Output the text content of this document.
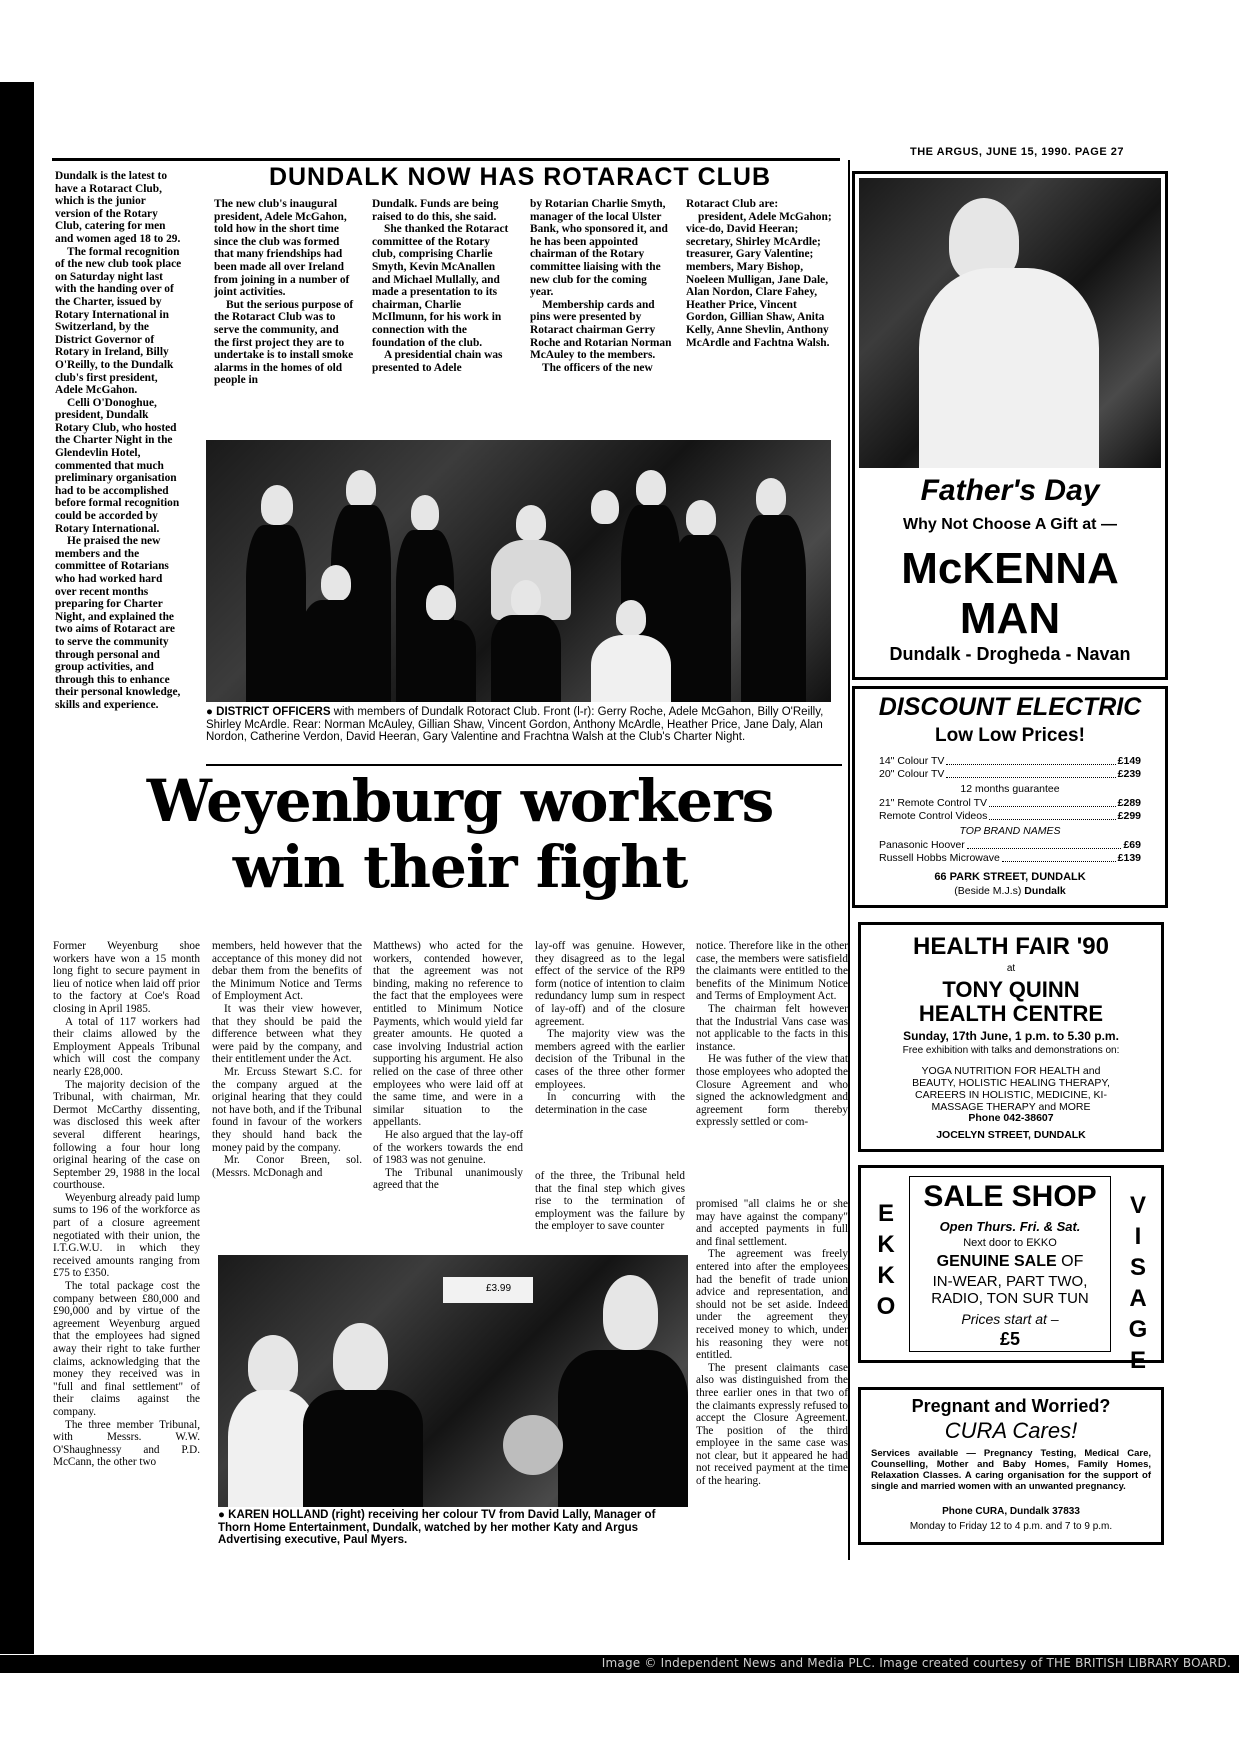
Image © Independent News and Media PLC. Image created courtesy of THE BRITISH LIBRARY BOARD.
THE ARGUS, JUNE 15, 1990. PAGE 27
DUNDALK NOW HAS ROTARACT CLUB

Dundalk is the latest to have a Rotaract Club, which is the junior version of the Rotary Club, catering for men and women aged 18 to 29.

The formal recognition of the new club took place on Saturday night last with the handing over of the Charter, issued by Rotary International in Switzerland, by the District Governor of Rotary in Ireland, Billy O'Reilly, to the Dundalk club's first president, Adele McGahon.

Celli O'Donoghue, president, Dundalk Rotary Club, who hosted the Charter Night in the Glendevlin Hotel, commented that much preliminary organisation had to be accomplished before formal recognition could be accorded by Rotary International.

He praised the new members and the committee of Rotarians who had worked hard over recent months preparing for Charter Night, and explained the two aims of Rotaract are to serve the community through personal and group activities, and through this to enhance their personal knowledge, skills and experience.

The new club's inaugural president, Adele McGahon, told how in the short time since the club was formed that many friendships had been made all over Ireland from joining in a number of joint activities.

But the serious purpose of the Rotaract Club was to serve the community, and the first project they are to undertake is to install smoke alarms in the homes of old people in

Dundalk. Funds are being raised to do this, she said.

She thanked the Rotaract committee of the Rotary club, comprising Charlie Smyth, Kevin McAnallen and Michael Mullally, and made a presentation to its chairman, Charlie McIlmunn, for his work in connection with the foundation of the club.

A presidential chain was presented to Adele

by Rotarian Charlie Smyth, manager of the local Ulster Bank, who sponsored it, and he has been appointed chairman of the Rotary committee liaising with the new club for the coming year.

Membership cards and pins were presented by Rotaract chairman Gerry Roche and Rotarian Norman McAuley to the members.

The officers of the new

Rotaract Club are:

president, Adele McGahon; vice-do, David Heeran; secretary, Shirley McArdle; treasurer, Gary Valentine; members, Mary Bishop, Noeleen Mulligan, Jane Dale, Alan Nordon, Clare Fahey, Heather Price, Vincent Gordon, Gillian Shaw, Anita Kelly, Anne Shevlin, Anthony McArdle and Fachtna Walsh.

● DISTRICT OFFICERS with members of Dundalk Rotoract Club. Front (l-r): Gerry Roche, Adele McGahon, Billy O'Reilly, Shirley McArdle. Rear: Norman McAuley, Gillian Shaw, Vincent Gordon, Anthony McArdle, Heather Price, Jane Daly, Alan Nordon, Catherine Verdon, David Heeran, Gary Valentine and Frachtna Walsh at the Club's Charter Night.
Weyenburg workers
win their fight

Former Weyenburg shoe workers have won a 15 month long fight to secure payment in lieu of notice when laid off prior to the factory at Coe's Road closing in April 1985.

A total of 117 workers had their claims allowed by the Employment Appeals Tribunal which will cost the company nearly £28,000.

The majority decision of the Tribunal, with chairman, Mr. Dermot McCarthy dissenting, was disclosed this week after several different hearings, following a four hour long original hearing of the case on September 29, 1988 in the local courthouse.

Weyenburg already paid lump sums to 196 of the workforce as part of a closure agreement negotiated with their union, the I.T.G.W.U. in which they received amounts ranging from £75 to £350.

The total package cost the company between £80,000 and £90,000 and by virtue of the agreement Weyenburg argued that the employees had signed away their right to take further claims, acknowledging that the money they received was in "full and final settlement" of their claims against the company.

The three member Tribunal, with Messrs. W.W. O'Shaughnessy and P.D. McCann, the other two

members, held however that the acceptance of this money did not debar them from the benefits of the Minimum Notice and Terms of Employment Act.

It was their view however, that they should be paid the difference between what they were paid by the company, and their entitlement under the Act.

Mr. Ercuss Stewart S.C. for the company argued at the original hearing that they could not have both, and if the Tribunal found in favour of the workers they should hand back the money paid by the company.

Mr. Conor Breen, sol. (Messrs. McDonagh and

Matthews) who acted for the workers, contended however, that the agreement was not binding, making no reference to the fact that the employees were entitled to Minimum Notice Payments, which would yield far greater amounts. He quoted a case involving Industrial action supporting his argument. He also relied on the case of three other employees who were laid off at the same time, and were in a similar situation to the appellants.

He also argued that the lay-off of the workers towards the end of 1983 was not genuine.

The Tribunal unanimously agreed that the

lay-off was genuine. However, they disagreed as to the legal effect of the service of the RP9 form (notice of intention to claim redundancy lump sum in respect of lay-off) and of the closure agreement.

The majority view was the members agreed with the earlier decision of the Tribunal in the cases of the three other former employees.

In concurring with the determination in the case

of the three, the Tribunal held that the final step which gives rise to the termination of employment was the failure by the employer to save counter

notice. Therefore like in the other case, the members were satisfield the claimants were entitled to the benefits of the Minimum Notice and Terms of Employment Act.

The chairman felt however that the Industrial Vans case was not applicable to the facts in this instance.

He was futher of the view that those employees who adopted the Closure Agreement and who signed the acknowledgment and agreement form thereby expressly settled or com-

promised "all claims he or she may have against the company" and accepted payments in full and final settlement.

The agreement was freely entered into after the employees had the benefit of trade union advice and representation, and should not be set aside. Indeed under the agreement they received money to which, under his reasoning they were not entitled.

The present claimants case also was distinguished from the three earlier ones in that two of the claimants expressly refused to accept the Closure Agreement. The position of the third employee in the same case was not clear, but it appeared he had not received payment at the time of the hearing.

£3.99
● KAREN HOLLAND (right) receiving her colour TV from David Lally, Manager of Thorn Home Entertainment, Dundalk, watched by her mother Katy and Argus Advertising executive, Paul Myers.
Father's Day
Why Not Choose A Gift at —
McKENNA
MAN
Dundalk - Drogheda - Navan
DISCOUNT ELECTRIC
Low Low Prices!
14" Colour TV	£149
20" Colour TV	£239
12 months guarantee
21" Remote Control TV	£289
Remote Control Videos	£299
TOP BRAND NAMES
Panasonic Hoover	£69
Russell Hobbs Microwave	£139
66 PARK STREET, DUNDALK
(Beside M.J.s) Dundalk
HEALTH FAIR '90
at
TONY QUINN
HEALTH CENTRE
Sunday, 17th June, 1 p.m. to 5.30 p.m.
Free exhibition with talks and demonstrations on:
YOGA NUTRITION FOR HEALTH and BEAUTY, HOLISTIC HEALING THERAPY, CAREERS IN HOLISTIC, MEDICINE, KI-MASSAGE THERAPY and MORE
Phone 042-38607
JOCELYN STREET, DUNDALK
E
K
K
O
V
I
S
A
G
E
SALE SHOP
Open Thurs. Fri. & Sat.
Next door to EKKO
GENUINE SALE OF
IN-WEAR, PART TWO, RADIO, TON SUR TUN
Prices start at –
£5
Pregnant and Worried?
CURA Cares!
Services available — Pregnancy Testing, Medical Care, Counselling, Mother and Baby Homes, Family Homes, Relaxation Classes. A caring organisation for the support of single and married women with an unwanted pregnancy.
Phone CURA, Dundalk 37833
Monday to Friday 12 to 4 p.m. and 7 to 9 p.m.
